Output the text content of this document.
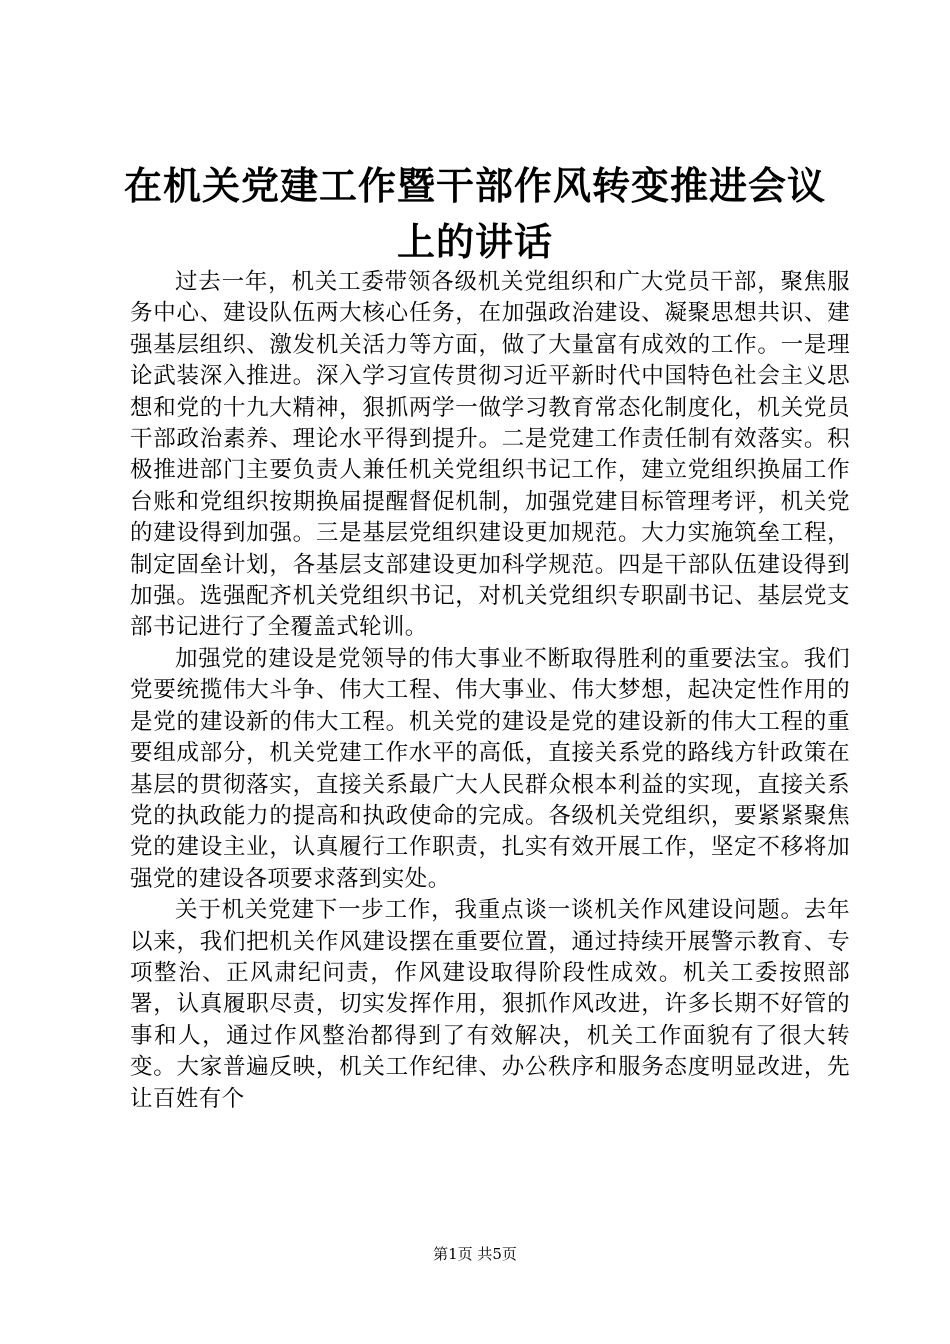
在机关党建工作暨干部作风转变推进会议上的讲话

过去一年，机关工委带领各级机关党组织和广大党员干部，聚焦服务中心、建设队伍两大核心任务，在加强政治建设、凝聚思想共识、建强基层组织、激发机关活力等方面，做了大量富有成效的工作。一是理论武装深入推进。深入学习宣传贯彻习近平新时代中国特色社会主义思想和党的十九大精神，狠抓两学一做学习教育常态化制度化，机关党员干部政治素养、理论水平得到提升。二是党建工作责任制有效落实。积极推进部门主要负责人兼任机关党组织书记工作，建立党组织换届工作台账和党组织按期换届提醒督促机制，加强党建目标管理考评，机关党的建设得到加强。三是基层党组织建设更加规范。大力实施筑垒工程，制定固垒计划，各基层支部建设更加科学规范。四是干部队伍建设得到加强。选强配齐机关党组织书记，对机关党组织专职副书记、基层党支部书记进行了全覆盖式轮训。

加强党的建设是党领导的伟大事业不断取得胜利的重要法宝。我们党要统揽伟大斗争、伟大工程、伟大事业、伟大梦想，起决定性作用的是党的建设新的伟大工程。机关党的建设是党的建设新的伟大工程的重要组成部分，机关党建工作水平的高低，直接关系党的路线方针政策在基层的贯彻落实，直接关系最广大人民群众根本利益的实现，直接关系党的执政能力的提高和执政使命的完成。各级机关党组织，要紧紧聚焦党的建设主业，认真履行工作职责，扎实有效开展工作，坚定不移将加强党的建设各项要求落到实处。

关于机关党建下一步工作，我重点谈一谈机关作风建设问题。去年以来，我们把机关作风建设摆在重要位置，通过持续开展警示教育、专项整治、正风肃纪问责，作风建设取得阶段性成效。机关工委按照部署，认真履职尽责，切实发挥作用，狠抓作风改进，许多长期不好管的事和人，通过作风整治都得到了有效解决，机关工作面貌有了很大转变。大家普遍反映，机关工作纪律、办公秩序和服务态度明显改进，先让百姓有个

第1页 共5页
